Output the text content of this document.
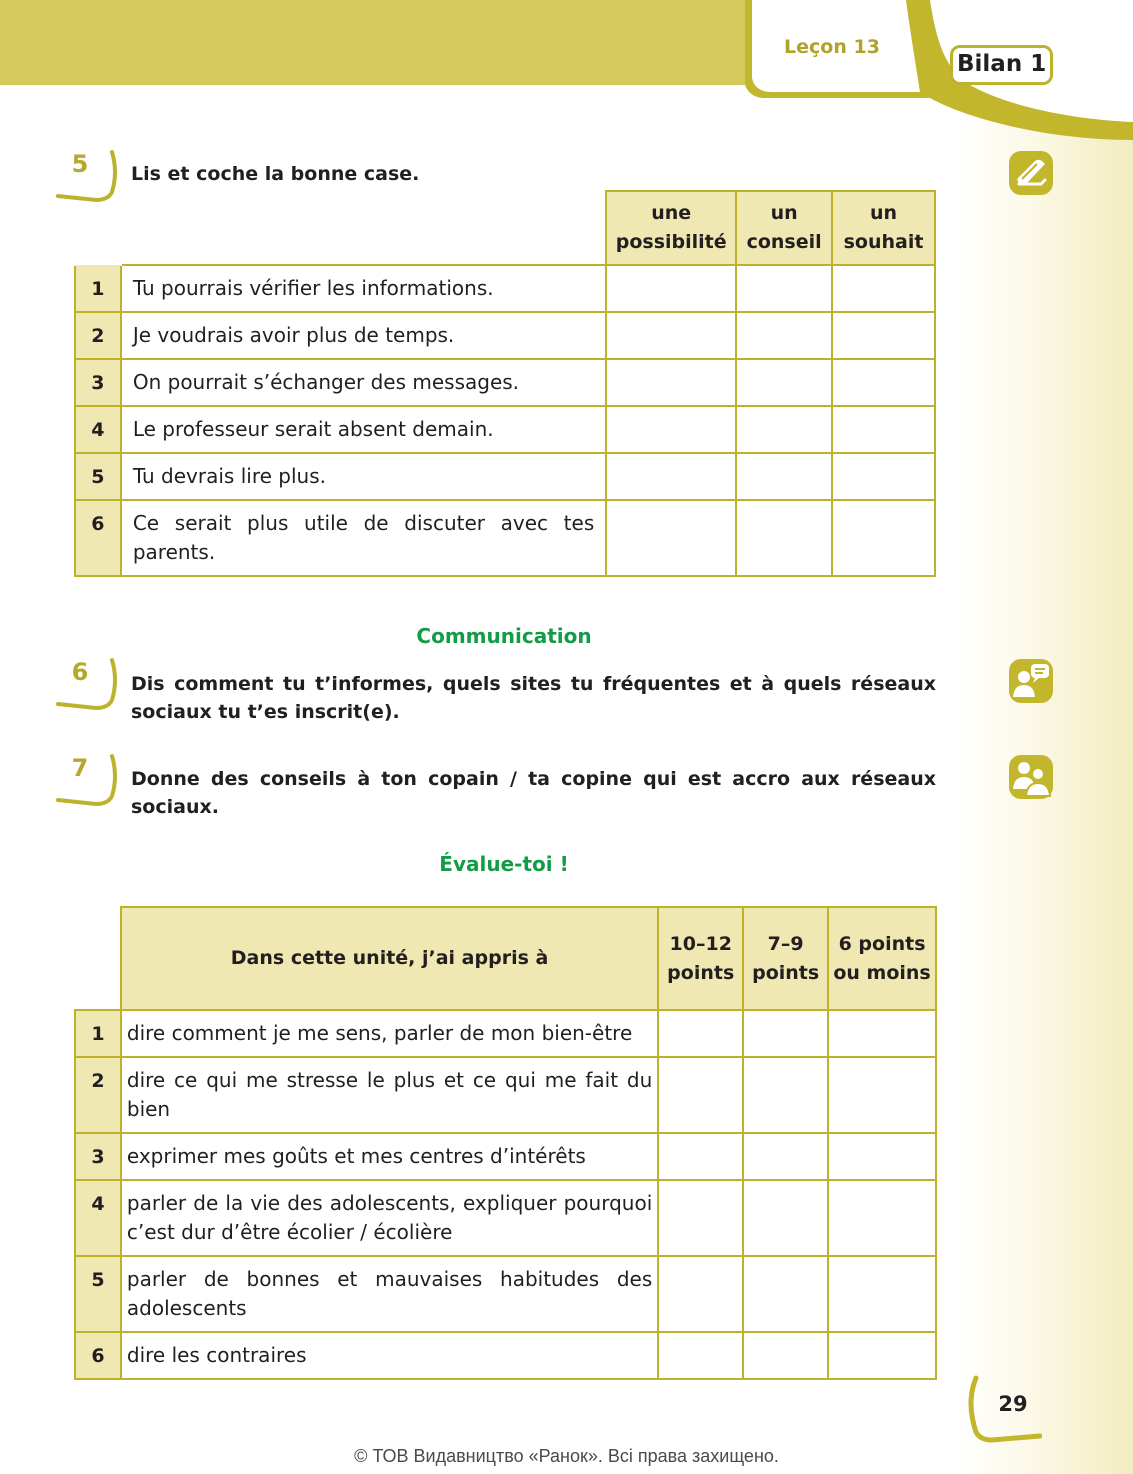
Leçon 13
Bilan 1
5 Lis et coche la bonne case.
		une possibilité	un conseil	un souhait
1	Tu pourrais vérifier les informations.			
2	Je voudrais avoir plus de temps.			
3	On pourrait s’échanger des messages.			
4	Le professeur serait absent demain.			
5	Tu devrais lire plus.			
6	Ce serait plus utile de discuter avec tes parents.			
Communication
6 Dis comment tu t’informes, quels sites tu fréquentes et à quels réseaux sociaux tu t’es inscrit(e).
7 Donne des conseils à ton copain / ta copine qui est accro aux réseaux sociaux.
Évalue-toi !
	Dans cette unité, j’ai appris à	10–12 points	7–9 points	6 points ou moins
1	dire comment je me sens, parler de mon bien-être			
2	dire ce qui me stresse le plus et ce qui me fait du bien			
3	exprimer mes goûts et mes centres d’intérêts			
4	parler de la vie des adolescents, expliquer pourquoi c’est dur d’être écolier / écolière			
5	parler de bonnes et mauvaises habitudes des adolescents			
6	dire les contraires			
29
© ТОВ Видавництво «Ранок». Всі права захищено.
